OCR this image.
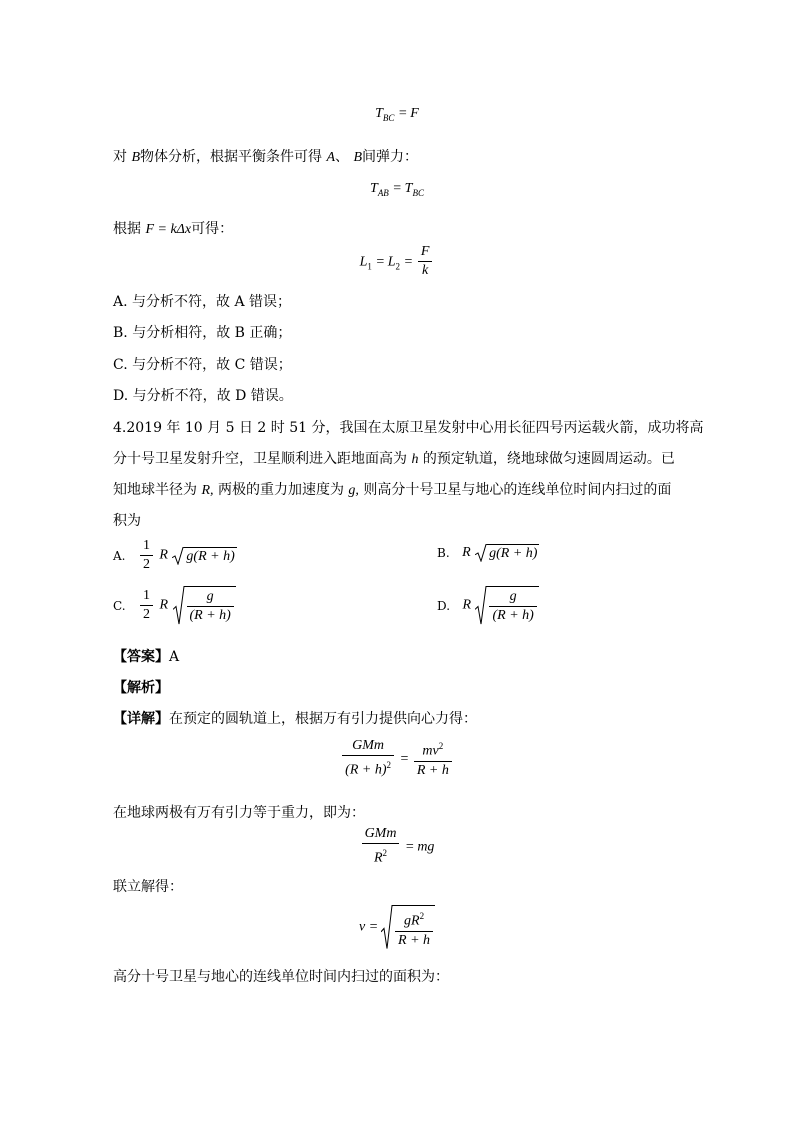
$T_{BC} = F$
对 B物体分析，根据平衡条件可得 A、 B间弹力：
$T_{AB} = T_{BC}$
根据 F = kΔx可得：
$L_1 = L_2 = \frac{F}{k}$
A. 与分析不符，故 A 错误；
B. 与分析相符，故 B 正确；
C. 与分析不符，故 C 错误；
D. 与分析不符，故 D 错误。
4.2019 年 10 月 5 日 2 时 51 分，我国在太原卫星发射中心用长征四号丙运载火箭，成功将高
分十号卫星发射升空，卫星顺利进入距地面高为 h 的预定轨道，绕地球做匀速圆周运动。已
知地球半径为 R, 两极的重力加速度为 g, 则高分十号卫星与地心的连线单位时间内扫过的面
积为
A. $\frac{1}{2}$ R g(R + h)	B. R g(R + h)
C. $\frac{1}{2}$ R $\frac{g}{(R + h)}$	D. R $\frac{g}{(R + h)}$
【答案】A
【解析】
【详解】在预定的圆轨道上，根据万有引力提供向心力得：
$\frac{\text{GMm}}{(R + h)^2} = \frac{mv^2}{R + h}$
在地球两极有万有引力等于重力，即为：
$\frac{\text{GMm}}{R^2}$ = mg
联立解得：
$v = \frac{gR^2}{R + h}$
高分十号卫星与地心的连线单位时间内扫过的面积为：
